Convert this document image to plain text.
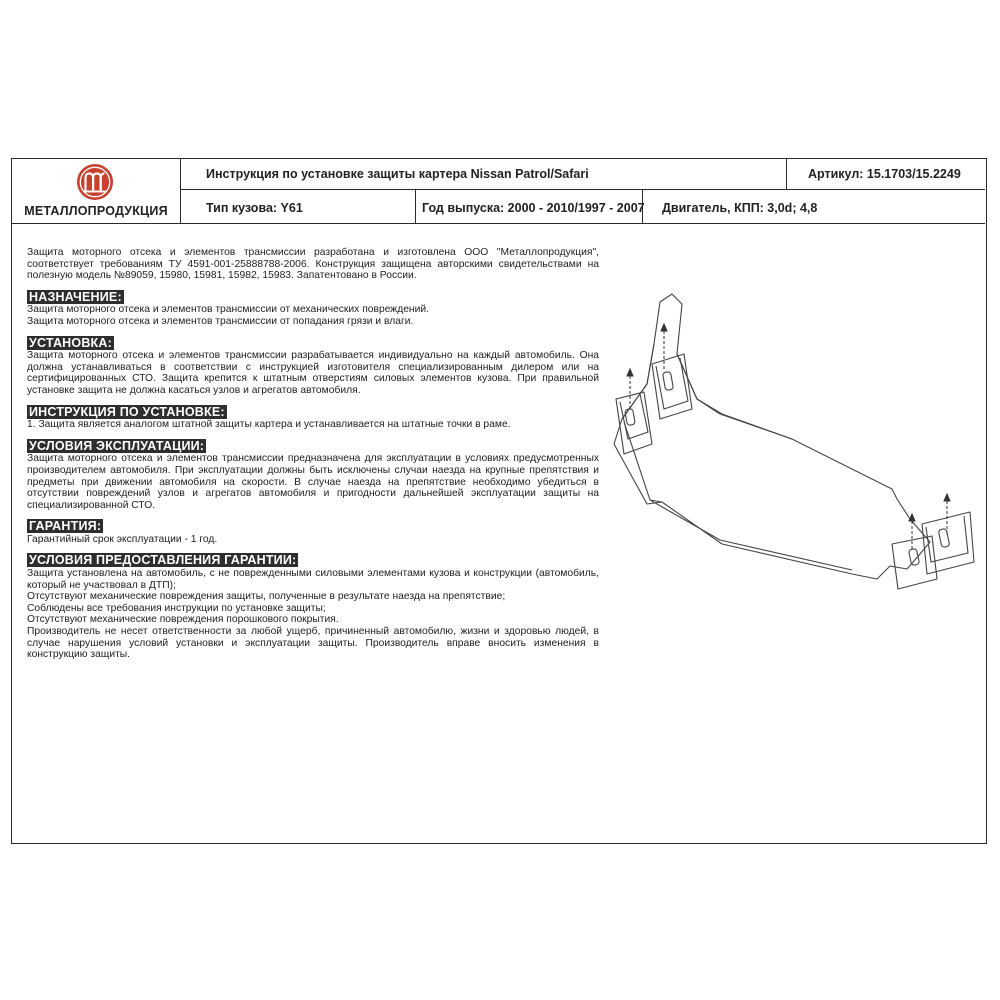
МЕТАЛЛОПРОДУКЦИЯ
Инструкция по установке защиты картера Nissan Patrol/Safari	Артикул: 15.1703/15.2249
Тип кузова: Y61	Год выпуска: 2000 - 2010/1997 - 2007 Двигатель, КПП: 3,0d; 4,8

Защита моторного отсека и элементов трансмиссии разработана и изготовлена ООО "Металлопродукция", соответствует требованиям ТУ 4591-001-25888788-2006. Конструкция защищена авторскими свидетельствами на полезную модель №89059, 15980, 15981, 15982, 15983. Запатентовано в России.

НАЗНАЧЕНИЕ:

Защита моторного отсека и элементов трансмиссии от механических повреждений.

Защита моторного отсека и элементов трансмиссии от попадания грязи и влаги.

УСТАНОВКА:

Защита моторного отсека и элементов трансмиссии разрабатывается индивидуально на каждый автомобиль. Она должна устанавливаться в соответствии с инструкцией изготовителя специализированным дилером или на сертифицированных СТО. Защита крепится к штатным отверстиям силовых элементов кузова. При правильной установке защита не должна касаться узлов и агрегатов автомобиля.

ИНСТРУКЦИЯ ПО УСТАНОВКЕ:

1. Защита является аналогом штатной защиты картера и устанавливается на штатные точки в раме.

УСЛОВИЯ ЭКСПЛУАТАЦИИ:

Защита моторного отсека и элементов трансмиссии предназначена для эксплуатации в условиях предусмотренных производителем автомобиля. При эксплуатации должны быть исключены случаи наезда на крупные препятствия и предметы при движении автомобиля на скорости. В случае наезда на препятствие необходимо убедиться в отсутствии повреждений узлов и агрегатов автомобиля и пригодности дальнейшей эксплуатации защиты на специализированной СТО.

ГАРАНТИЯ:

Гарантийный срок эксплуатации - 1 год.

УСЛОВИЯ ПРЕДОСТАВЛЕНИЯ ГАРАНТИИ:

Защита установлена на автомобиль, с не поврежденными силовыми элементами кузова и конструкции (автомобиль, который не участвовал в ДТП);

Отсутствуют механические повреждения защиты, полученные в результате наезда на препятствие;

Соблюдены все требования инструкции по установке защиты;

Отсутствуют механические повреждения порошкового покрытия.

Производитель не несет ответственности за любой ущерб, причиненный автомобилю, жизни и здоровью людей, в случае нарушения условий установки и эксплуатации защиты. Производитель вправе вносить изменения в конструкцию защиты.
